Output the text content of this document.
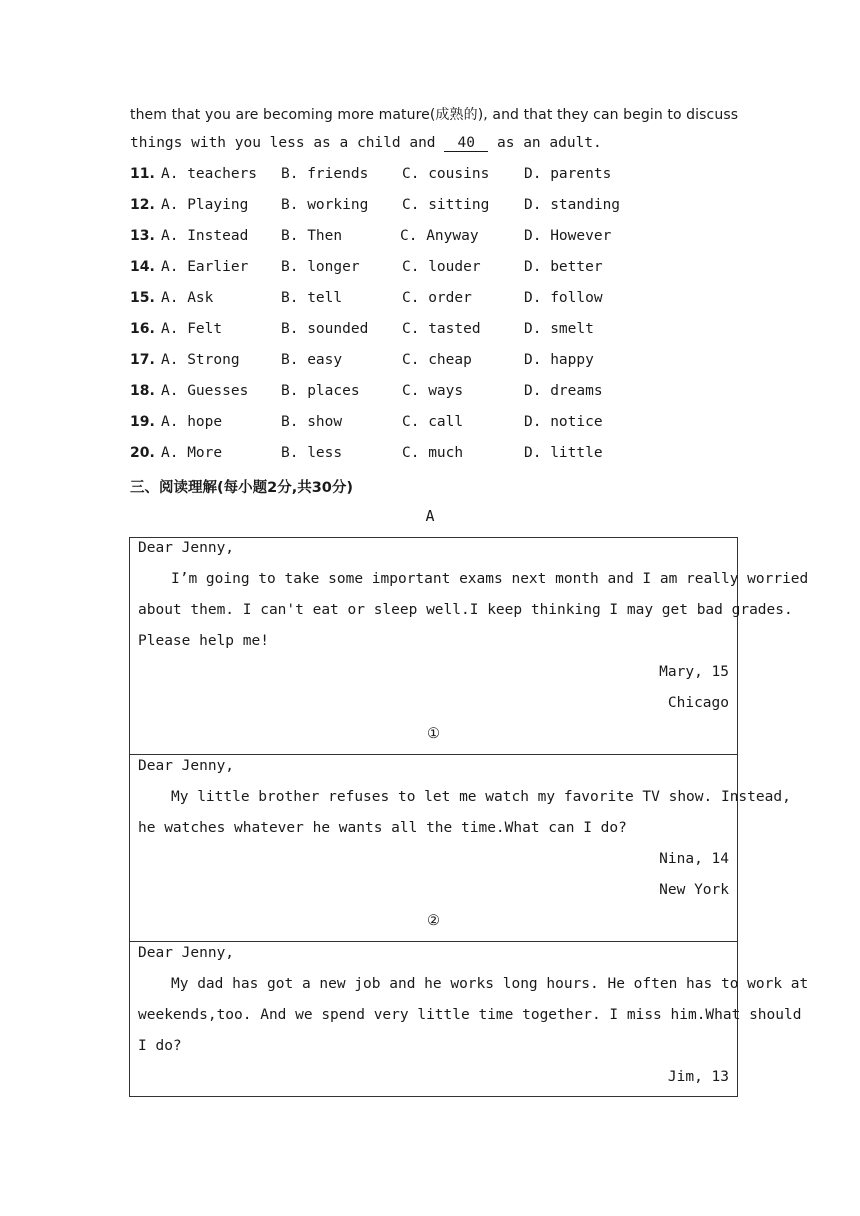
them that you are becoming more mature(成熟的), and that they can begin to discuss
things with you less as a child and 40 as an adult.
11. A. teachers B. friends C. cousins D. parents
12. A. Playing B. working C. sitting D. standing
13. A. Instead B. Then	C. Anyway	D. However
14. A. Earlier B. longer	C. louder	D. better
15. A. Ask	B. tell	C. order	D. follow
16. A. Felt	B. sounded C. tasted	D. smelt
17. A. Strong	B. easy	C. cheap	D. happy
18. A. Guesses B. places	C. ways	D. dreams
19. A. hope	B. show	C. call	D. notice
20. A. More	B. less	C. much	D. little
三、阅读理解(每小题2分,共30分)
A
Dear Jenny,
I’m going to take some important exams next month and I am really worried
about them. I can't eat or sleep well.I keep thinking I may get bad grades.
Please help me!
Mary, 15
Chicago
①
Dear Jenny,
My little brother refuses to let me watch my favorite TV show. Instead,
he watches whatever he wants all the time.What can I do?
Nina, 14
New York
②
Dear Jenny,
My dad has got a new job and he works long hours. He often has to work at
weekends,too. And we spend very little time together. I miss him.What should
I do?
Jim, 13
